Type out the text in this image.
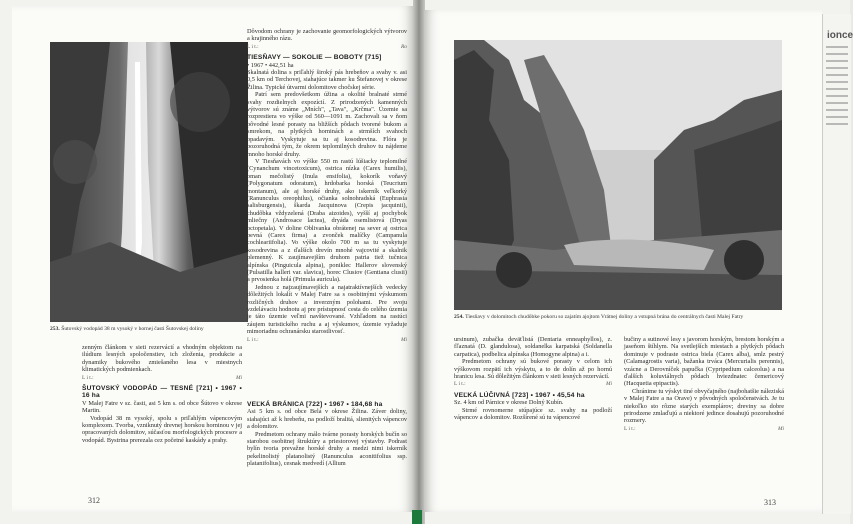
253. Šutovský vodopád 38 m vysoký v hornej časti Šutovskej doliny

Dôvodom ochrany je zachovanie geomorfologických výtvorov a krajinného rázu.

L i t.:	Ro
TIESŇAVY — SOKOLIE — BOBOTY [715]

• 1967 • 442,51 ha

Skalnatá dolina s priľahlý široký pás hrebeňov a svahy v. asi 0,5 km od Terchovej, siahajúce takmer ku Štefanovej v okrese Žilina. Typické útvarmi dolomitove chočskej série.

Patrí sem predovšetkom úžina a okolité bralnaté strmé svahy rozdielnych expozícií. Z prirodzených kamenných výtvorov sú známe „Mních", „Tava", „Krčma". Územie sa rozprestiera vo výške od 560—1091 m. Zachovali sa v ňom pôvodné lesné porasty na bližších pôdach tvorené bukom a smrekom, na plytkých horninách a strmších svahoch opadavým. Vyskytuje sa tu aj kosodrevina. Flóra je pozoruhodná tým, že okrem teplomilných druhov tu nájdeme mnoho horské druhy.

V Tiesňavách vo výške 550 m rastú lúšiacky teplomilné (Cynanchum vincetoxicum), ostrica nízka (Carex humilis), oman mečolistý (Inula ensifolia), kokorík voňavý (Polygonatum odoratum), hrdobarka horská (Teucrium montanum), ale aj horské druhy, ako iskerník veľkorký (Ranunculus oreophilus), očianka solnohradská (Euphrasia salisburgensis), škarda Jacquinova (Crepis jacquinii), chudôbka vždyzelená (Draba aizoides), vyšší aj pochybok mliečny (Androsace lactea), dryáda osemlistová (Dryas octopetala). V doline Oblivanka obrátenej na sever aj ostrica pevná (Carex firma) a zvonček malíčky (Campanula cochleariifolia). Vo výške okolo 700 m sa tu vyskytuje kosodrevina a z ďalších drevín mnohé vajcovité a skalnik plemenný. K zaujímavejším druhom patria tiež tučnica alpínska (Pinguicula alpina), ponikleс Hallerov slovenský (Pulsatilla halleri var. slavica), horec Clusiov (Gentiana clusii) a prvosienka holá (Primula auricula).

Jednou z najzaujímavejších a najatraktívnejších vedecky dôležitých lokalít v Malej Fatre sa s osobitnými výskumom rozličných druhov a inverzným polohami. Pre svoju vzdelávaciu hodnotu aj pre prístupnosť cesta do celého územia je táto územie veľmi navštevované. Vzhľadom na rastúci záujem turistického ruchu a aj výskumov, územie vyžaduje mimoriadnu ochranársku starostlivosť.

L i t.:	Mi

zenným článkom v sieti rezervácií a vhodným objektom na ilúdium lesných spoločenstiev, ich zloženia, produkcie a dynamiky bukového zmiešaného lesa v miestnych klimatických podmienkach.

L i t.:	Mi
ŠUTOVSKÝ VODOPÁD — TESNÉ [721] • 1967 • 16 ha

V Malej Fatre v sz. časti, asi 5 km s. od obce Šútovo v okrese Martin.

Vodopád 38 m vysoký, spolu s priľahlým vápencovým komplexom. Tvorba, vzniknutý drevnej horskou horninou v jej opracovaných dolomitov, súčasťou morfologických procesov a vodopád. Bystrina prerezala cez početné kaskády a prahy.

VEĽKÁ BRÁNICA [722] • 1967 • 184,68 ha

Asi 5 km s. od obce Belá v okrese Žilina. Záver doliny, siahajúci až k hrebeňu, na podloží bralitá, slienitých vápencov a dolomitov.

Predmetom ochrany málo tvárne porasty horských bučín so starobou osobitnej štruktúry a priestorovej výstavby. Podrast bylín tvoria prevažne horské druhy a medzi nimi iskerník pekelinolistý platanolistý (Ranunculus aconitifolius ssp. platanifolius), cesnak medvedí (Allium

312
254. Tiesňavy v dolomitoch chudôbke pokoru so zajatím ajojtom Vrátnej doliny a vstupná brána do centrálnych časti Malej Fatry

ursinum), zubačka deväťlistá (Dentaria enneaphyllos), z. fľaznatá (D. glandulosa), soldanelka karpatská (Soldanella carpatica), podbelica alpínska (Homogyne alpina) a i.

Predmetom ochrany sú bukové porasty v celom ich výškovom rozpätí ich výskytu, a to de dolín až po hornú hranicu lesa. Sú dôležitým článkom v sieti lesných rezervácií.

L i t.:	Mi
VEĽKÁ LÚČIVNÁ [723] • 1967 • 45,54 ha

Sz. 4 km od Párnice v okrese Dolný Kubín.

Strmé rovnomerne stúpajúce sz. svahy na podloží vápencov a dolomitov. Rozšírené sú tu vápencové

bučiny a sutinové lesy s javorom horským, brestom horským a jaseňom štíhlym. Na svetlejších miestach a plytkých pôdach dominuje v podraste ostrica biela (Carex alba), smlz pestrý (Calamagrostis varia), bažanka trváca (Mercurialis perennis), vzácne a Derovníček papučka (Cypripedium calceolus) a na ďalších koluviálnych pôdach hviezdnatec čemericový (Hacquetia epipactis).

Chránime tu výskyt tiné obvyčajného (najbohatšie náleziská v Malej Fatre a na Orave) v pôvodných spoločenstvách. Je tu niekoľko sto rôzne starých exemplárov; dreviny sa dobre prirodzene zmlaďujú a niektoré jedince dosahujú pozoruhodné rozmery.

L i t.:	Mi
313
ionce
